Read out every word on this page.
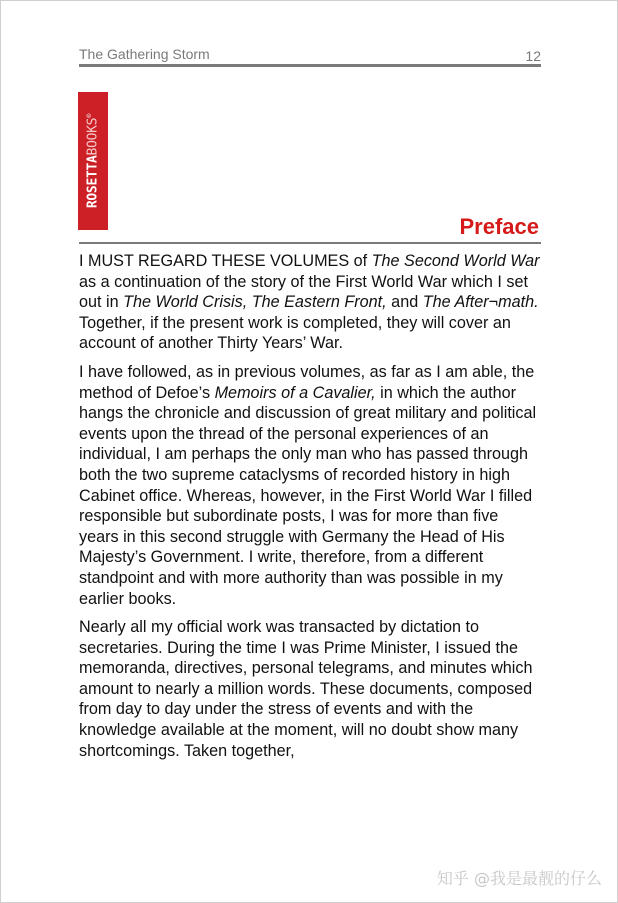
The Gathering Storm	12
ROSETTABOOKS®
Preface

I MUST REGARD THESE VOLUMES of The Second World War as a continuation of the story of the First World War which I set out in The World Crisis, The Eastern Front, and The After¬math. Together, if the present work is completed, they will cover an account of another Thirty Years’ War.

I have followed, as in previous volumes, as far as I am able, the method of Defoe’s Memoirs of a Cavalier, in which the author hangs the chronicle and discussion of great military and political events upon the thread of the personal experiences of an individual, I am perhaps the only man who has passed through both the two supreme cataclysms of recorded history in high Cabinet office. Whereas, however, in the First World War I filled responsible but subordinate posts, I was for more than five years in this second struggle with Germany the Head of His Majesty’s Government. I write, therefore, from a different standpoint and with more authority than was possible in my earlier books.

Nearly all my official work was transacted by dictation to secretaries. During the time I was Prime Minister, I issued the memoranda, directives, personal telegrams, and minutes which amount to nearly a million words. These documents, composed from day to day under the stress of events and with the knowledge available at the moment, will no doubt show many shortcomings. Taken together,

知乎 @我是最靓的仔么
